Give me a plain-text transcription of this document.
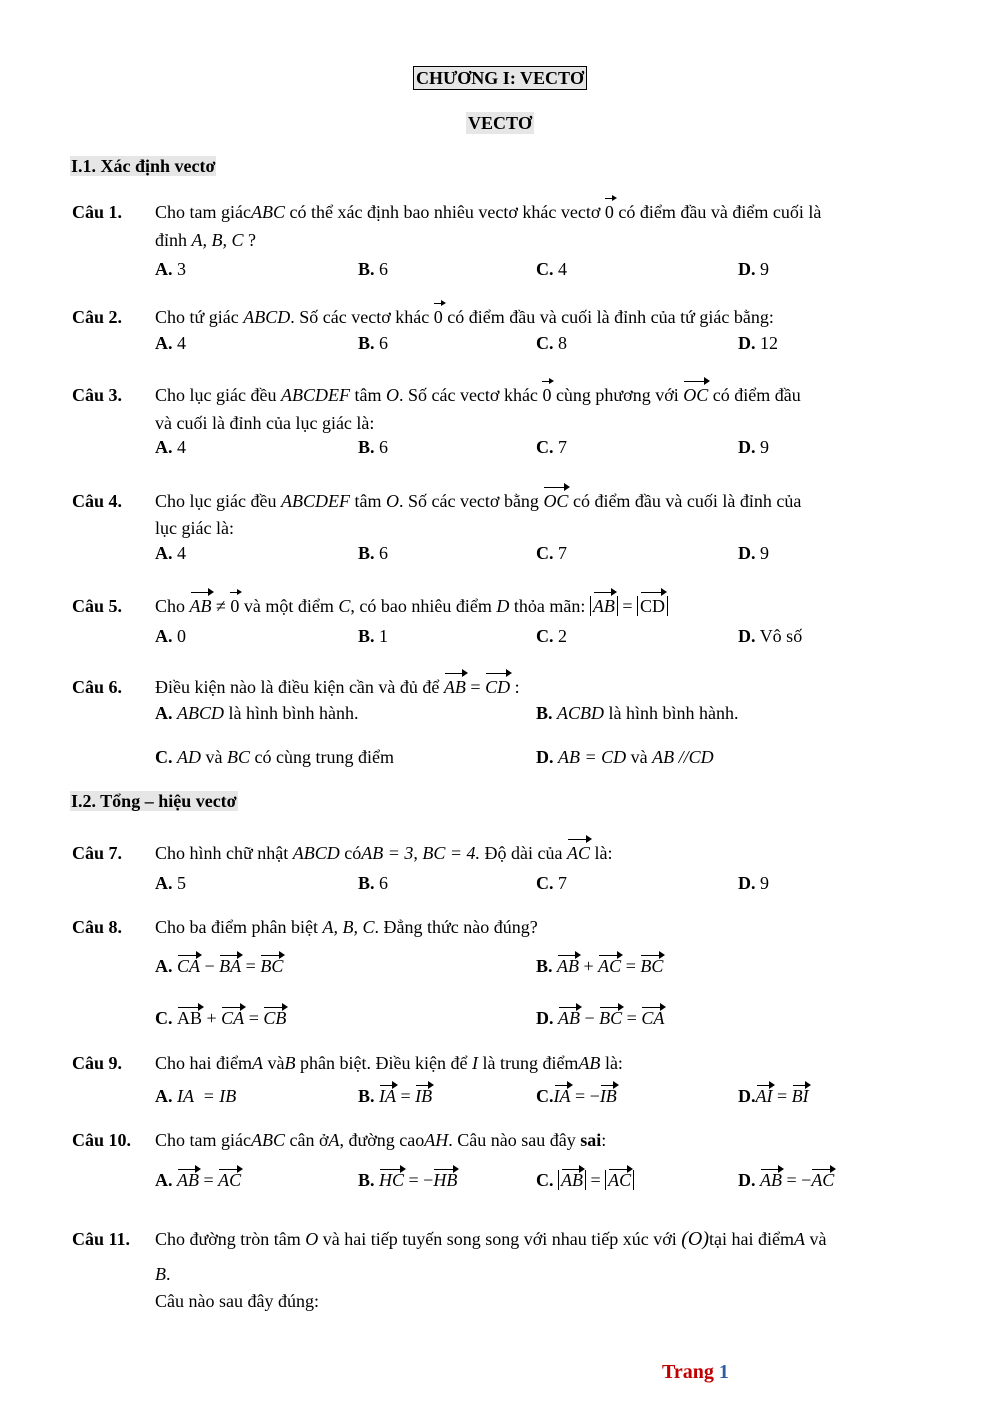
CHƯƠNG I: VECTƠ
VECTƠ
I.1. Xác định vectơ
Câu 1. Cho tam giácABC có thể xác định bao nhiêu vectơ khác vectơ 0 có điểm đầu và điểm cuối là
đỉnh A, B, C ?
A. 3	B. 6	C. 4	D. 9
Câu 2. Cho tứ giác ABCD. Số các vectơ khác 0 có điểm đầu và cuối là đỉnh của tứ giác bằng:
A. 4	B. 6	C. 8	D. 12
Câu 3. Cho lục giác đều ABCDEF tâm O. Số các vectơ khác 0 cùng phương với OC có điểm đầu
và cuối là đỉnh của lục giác là:
A. 4	B. 6	C. 7	D. 9
Câu 4. Cho lục giác đều ABCDEF tâm O. Số các vectơ bằng OC có điểm đầu và cuối là đỉnh của
lục giác là:
A. 4	B. 6	C. 7	D. 9
Câu 5. Cho AB ≠ 0 và một điểm C, có bao nhiêu điểm D thỏa mãn: AB = CD
A. 0	B. 1	C. 2	D. Vô số
Câu 6. Điều kiện nào là điều kiện cần và đủ để AB = CD :
A. ABCD là hình bình hành.	B. ACBD là hình bình hành.
C. AD và BC có cùng trung điểm	D. AB = CD và AB //CD
I.2. Tổng – hiệu vectơ
Câu 7. Cho hình chữ nhật ABCD cóAB = 3, BC = 4. Độ dài của AC là:
A. 5	B. 6	C. 7	D. 9
Câu 8. Cho ba điểm phân biệt A, B, C. Đẳng thức nào đúng?
A. CA − BA = BC	B. AB + AC = BC
C. AB + CA = CB	D. AB − BC = CA
Câu 9. Cho hai điểmA vàB phân biệt. Điều kiện để I là trung điểmAB là:
A. IA  = IB	B. IA = IB	C.IA = −IB	D.AI = BI
Câu 10. Cho tam giácABC cân ởA, đường caoAH. Câu nào sau đây sai:
A. AB = AC	B. HC = −HB	C. AB = AC	D. AB = −AC
Câu 11. Cho đường tròn tâm O và hai tiếp tuyến song song với nhau tiếp xúc với (O)tại hai điểmA và
B.
Câu nào sau đây đúng:
Trang 1
